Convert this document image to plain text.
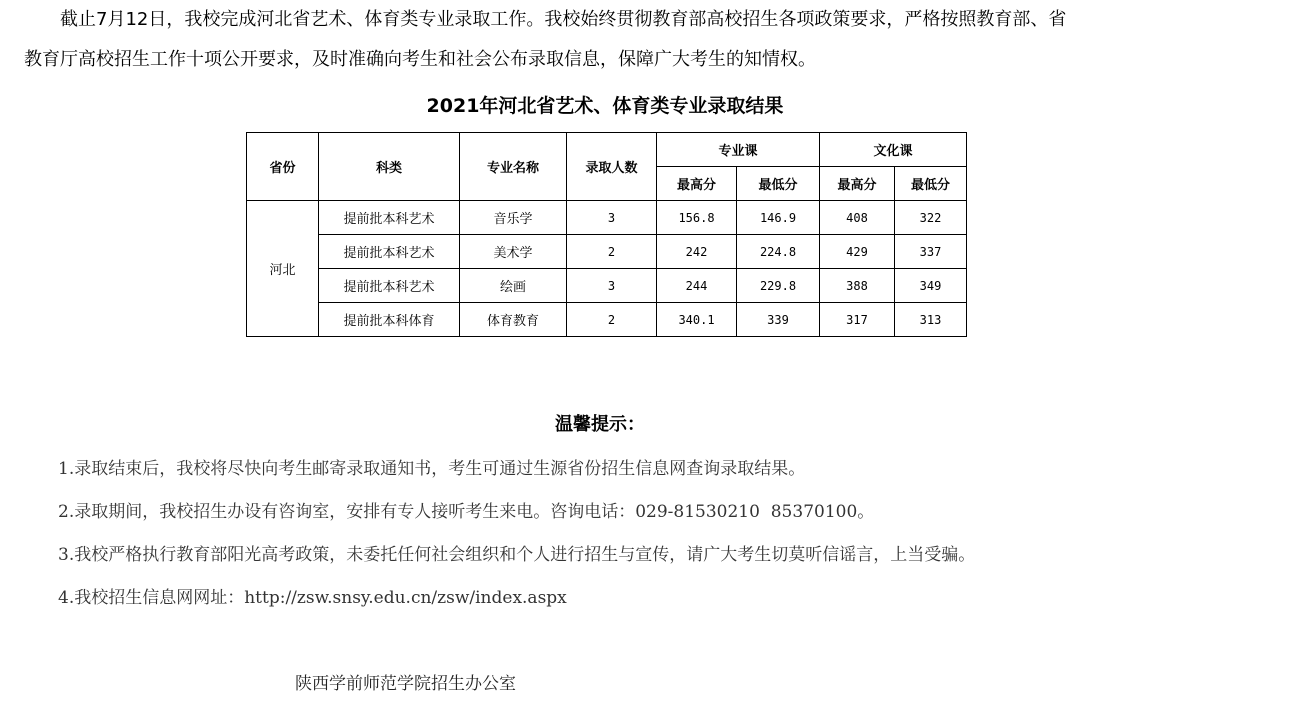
截止7月12日，我校完成河北省艺术、体育类专业录取工作。我校始终贯彻教育部高校招生各项政策要求，严格按照教育部、省
教育厅高校招生工作十项公开要求，及时准确向考生和社会公布录取信息，保障广大考生的知情权。
2021年河北省艺术、体育类专业录取结果
省份	科类	专业名称	录取人数	专业课		文化课	
				最高分	最低分	最高分	最低分
河北	提前批本科艺术	音乐学	3	156.8	146.9	408	322
	提前批本科艺术	美术学	2	242	224.8	429	337
	提前批本科艺术	绘画	3	244	229.8	388	349
	提前批本科体育	体育教育	2	340.1	339	317	313
温馨提示：
1.录取结束后，我校将尽快向考生邮寄录取通知书，考生可通过生源省份招生信息网查询录取结果。
2.录取期间，我校招生办设有咨询室，安排有专人接听考生来电。咨询电话：029-81530210  85370100。
3.我校严格执行教育部阳光高考政策，未委托任何社会组织和个人进行招生与宣传，请广大考生切莫听信谣言，上当受骗。
4.我校招生信息网网址：http://zsw.snsy.edu.cn/zsw/index.aspx
陕西学前师范学院招生办公室
